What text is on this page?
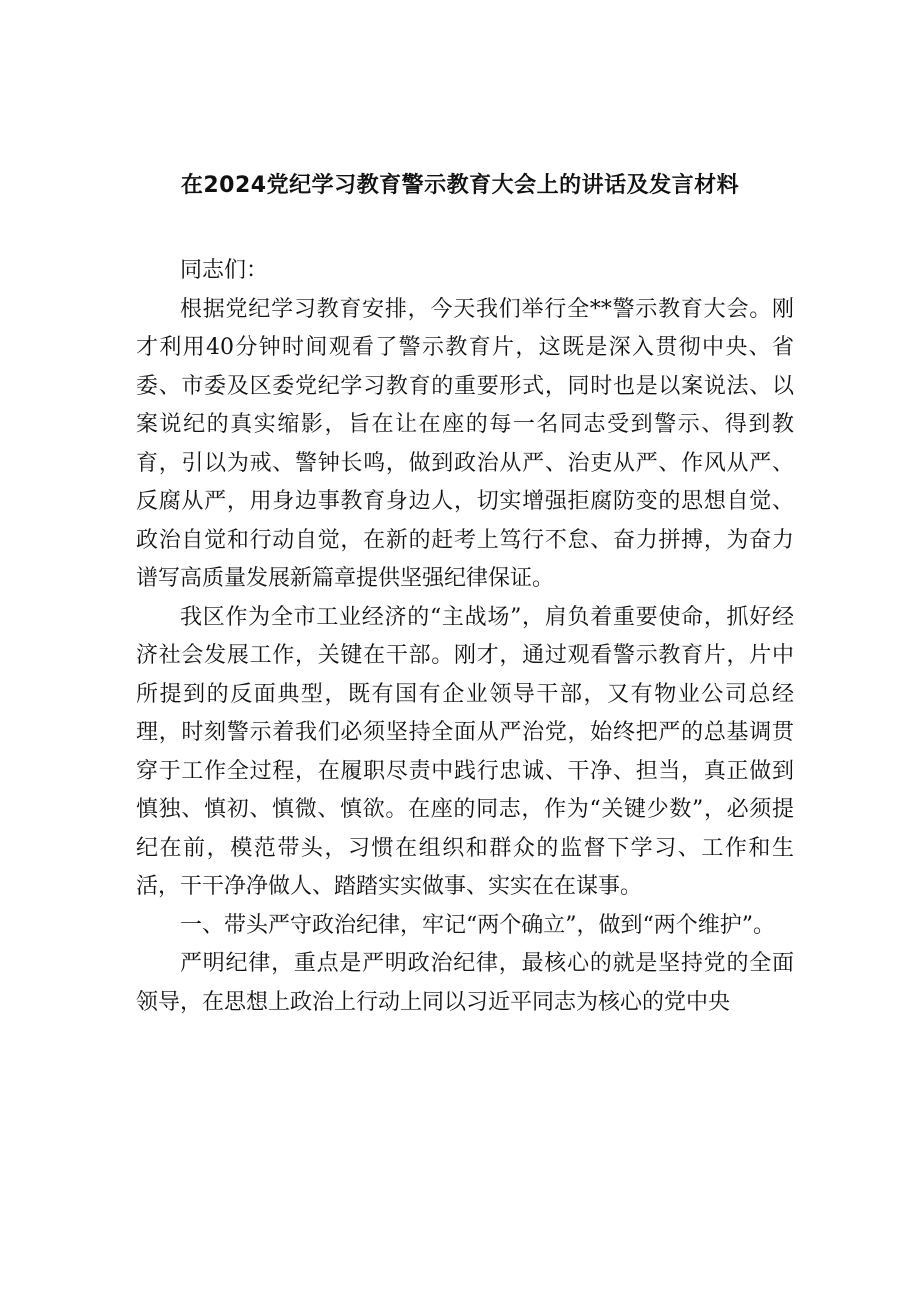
在2024党纪学习教育警示教育大会上的讲话及发言材料

同志们：

根据党纪学习教育安排，今天我们举行全**警示教育大会。刚才利用40分钟时间观看了警示教育片，这既是深入贯彻中央、省委、市委及区委党纪学习教育的重要形式，同时也是以案说法、以案说纪的真实缩影，旨在让在座的每一名同志受到警示、得到教育，引以为戒、警钟长鸣，做到政治从严、治吏从严、作风从严、反腐从严，用身边事教育身边人，切实增强拒腐防变的思想自觉、政治自觉和行动自觉，在新的赶考上笃行不怠、奋力拼搏，为奋力谱写高质量发展新篇章提供坚强纪律保证。

我区作为全市工业经济的“主战场”，肩负着重要使命，抓好经济社会发展工作，关键在干部。刚才，通过观看警示教育片，片中所提到的反面典型，既有国有企业领导干部，又有物业公司总经理，时刻警示着我们必须坚持全面从严治党，始终把严的总基调贯穿于工作全过程，在履职尽责中践行忠诚、干净、担当，真正做到慎独、慎初、慎微、慎欲。在座的同志，作为“关键少数”，必须提纪在前，模范带头，习惯在组织和群众的监督下学习、工作和生活，干干净净做人、踏踏实实做事、实实在在谋事。

一、带头严守政治纪律，牢记“两个确立”，做到“两个维护”。

严明纪律，重点是严明政治纪律，最核心的就是坚持党的全面领导，在思想上政治上行动上同以习近平同志为核心的党中央
